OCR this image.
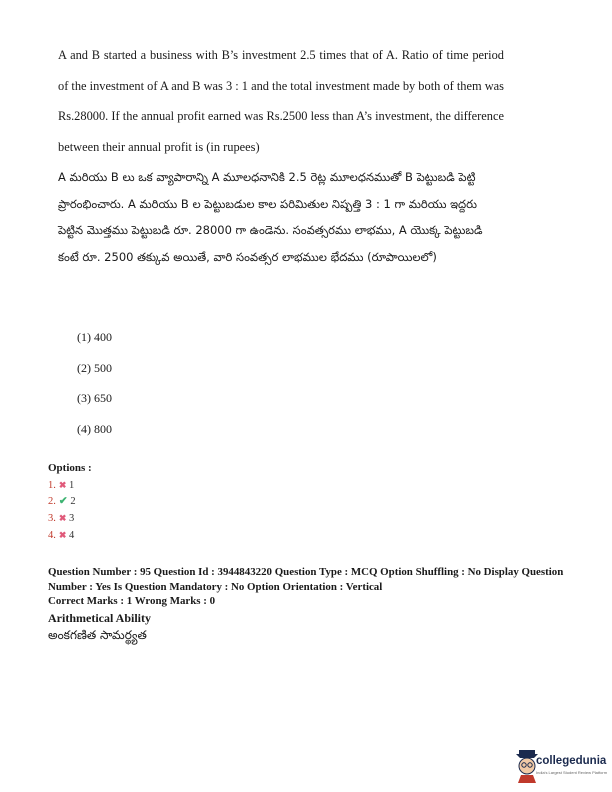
A and B started a business with B’s investment 2.5 times that of A. Ratio of time period of the investment of A and B was 3 : 1 and the total investment made by both of them was Rs.28000. If the annual profit earned was Rs.2500 less than A’s investment, the difference between their annual profit is (in rupees)
A మరియు B లు ఒక వ్యాపారాన్ని A మూలధనానికి 2.5 రెట్ల మూలధనముతో B పెట్టుబడి పెట్టి ప్రారంభించారు. A మరియు B ల పెట్టుబడుల కాల పరిమితుల నిష్పత్తి 3 : 1 గా మరియు ఇద్దరు పెట్టిన మొత్తము పెట్టుబడి రూ. 28000 గా ఉండెను. సంవత్సరము లాభము, A యొక్క పెట్టుబడి కంటే రూ. 2500 తక్కువ అయితే, వారి సంవత్సర లాభముల భేదము (రూపాయిలలో)
(1) 400
(2) 500
(3) 650
(4) 800
Options :
1. ✖ 1
2. ✔ 2
3. ✖ 3
4. ✖ 4
Question Number : 95 Question Id : 3944843220 Question Type : MCQ Option Shuffling : No Display Question Number : Yes Is Question Mandatory : No Option Orientation : Vertical
Correct Marks : 1 Wrong Marks : 0
Arithmetical Ability
అంకగణిత సామర్థ్యత
collegedunia
India's Largest Student Review Platform
